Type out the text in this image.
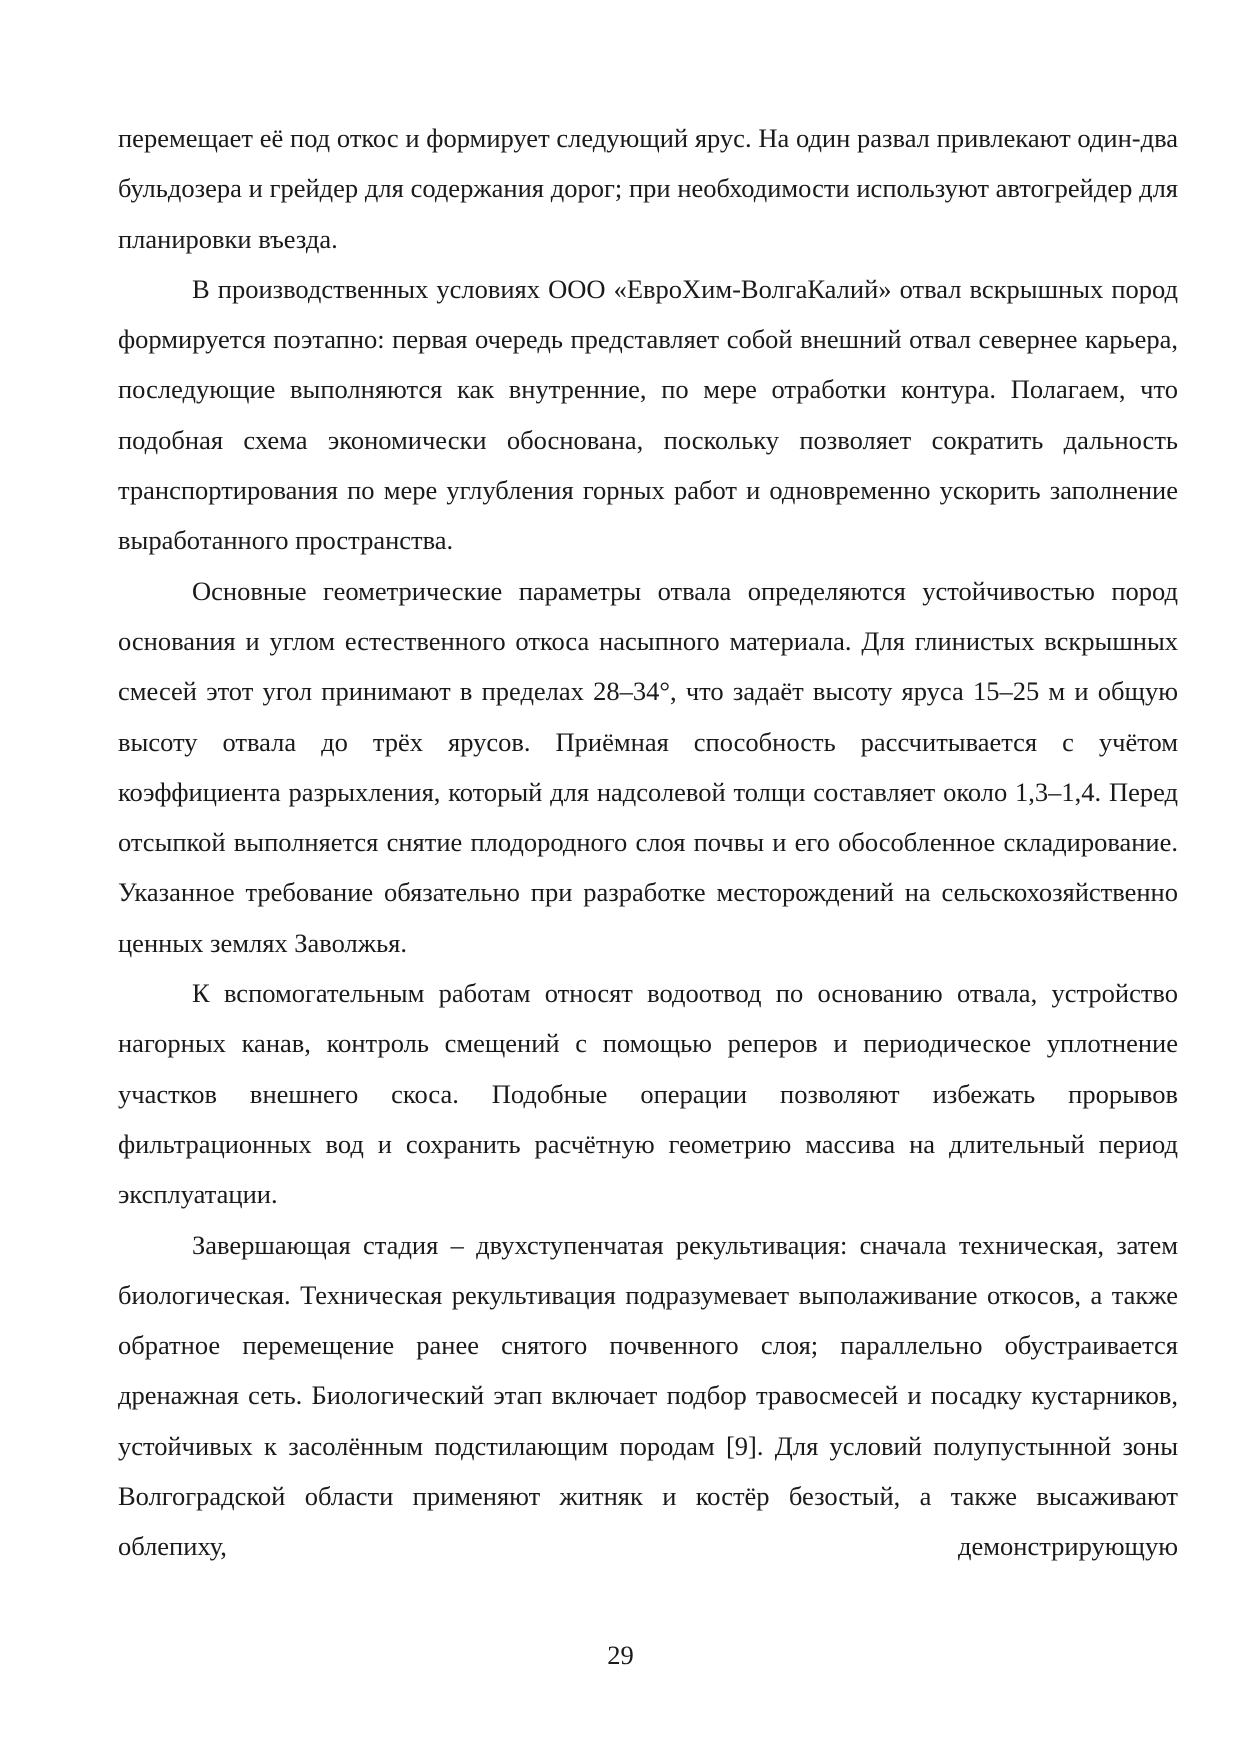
перемещает её под откос и формирует следующий ярус. На один развал привлекают один-два бульдозера и грейдер для содержания дорог; при необходимости используют автогрейдер для планировки въезда.

В производственных условиях ООО «ЕвроХим-ВолгаКалий» отвал вскрышных пород формируется поэтапно: первая очередь представляет собой внешний отвал севернее карьера, последующие выполняются как внутренние, по мере отработки контура. Полагаем, что подобная схема экономически обоснована, поскольку позволяет сократить дальность транспортирования по мере углубления горных работ и одновременно ускорить заполнение выработанного пространства.

Основные геометрические параметры отвала определяются устойчивостью пород основания и углом естественного откоса насыпного материала. Для глинистых вскрышных смесей этот угол принимают в пределах 28–34°, что задаёт высоту яруса 15–25 м и общую высоту отвала до трёх ярусов. Приёмная способность рассчитывается с учётом коэффициента разрыхления, который для надсолевой толщи составляет около 1,3–1,4. Перед отсыпкой выполняется снятие плодородного слоя почвы и его обособленное складирование. Указанное требование обязательно при разработке месторождений на сельскохозяйственно ценных землях Заволжья.

К вспомогательным работам относят водоотвод по основанию отвала, устройство нагорных канав, контроль смещений с помощью реперов и периодическое уплотнение участков внешнего скоса. Подобные операции позволяют избежать прорывов фильтрационных вод и сохранить расчётную геометрию массива на длительный период эксплуатации.

Завершающая стадия – двухступенчатая рекультивация: сначала техническая, затем биологическая. Техническая рекультивация подразумевает выполаживание откосов, а также обратное перемещение ранее снятого почвенного слоя; параллельно обустраивается дренажная сеть. Биологический этап включает подбор травосмесей и посадку кустарников, устойчивых к засолённым подстилающим породам [9]. Для условий полупустынной зоны Волгоградской области применяют житняк и костёр безостый, а также высаживают облепиху, демонстрирующую

29
